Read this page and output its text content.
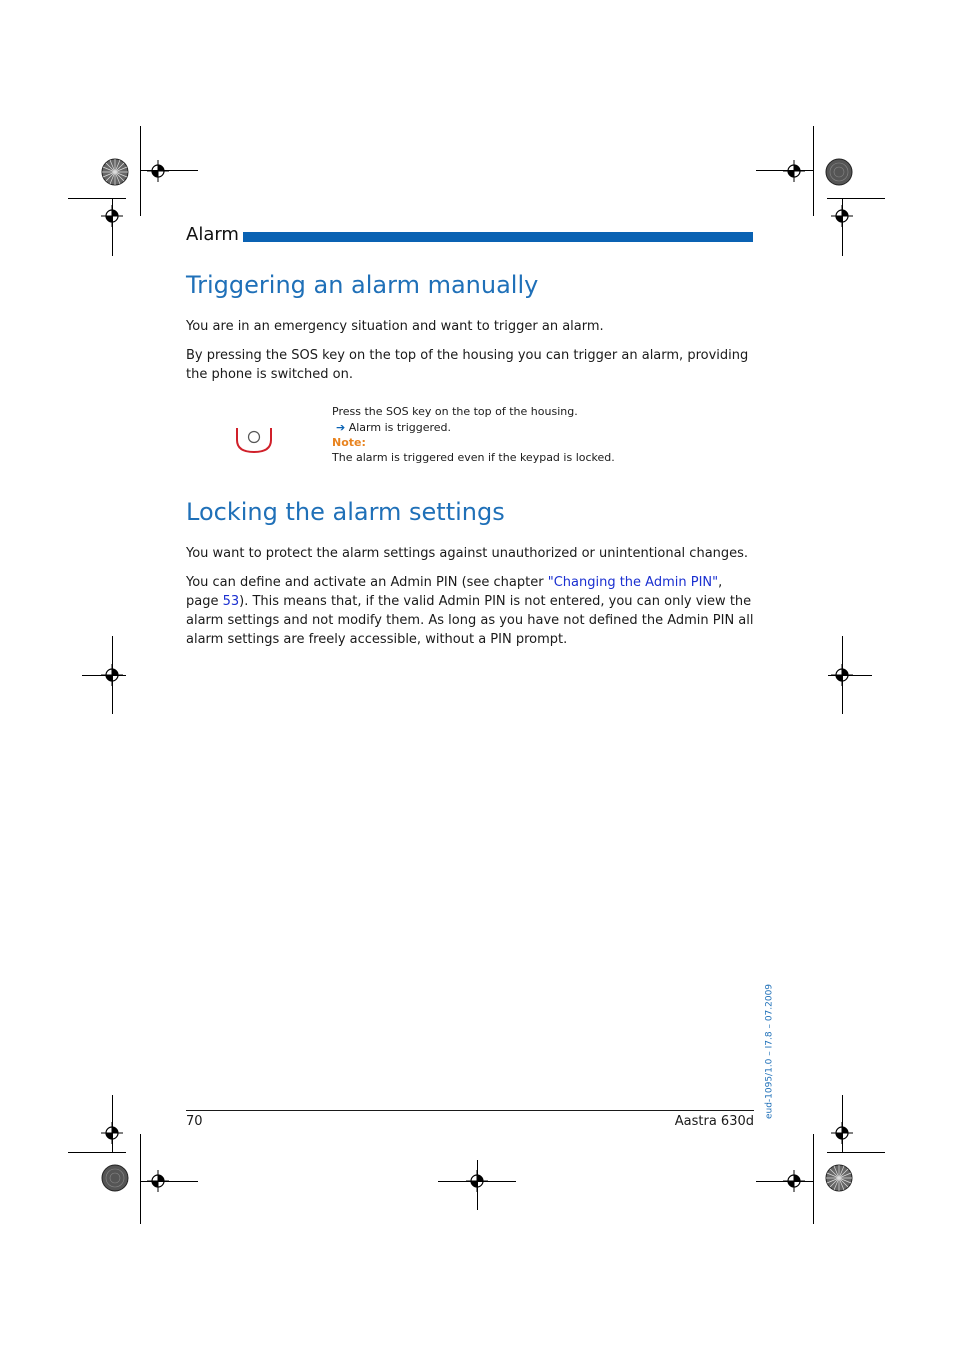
Alarm
Triggering an alarm manually

You are in an emergency situation and want to trigger an alarm.

By pressing the SOS key on the top of the housing you can trigger an alarm, providing the phone is switched on.

Press the SOS key on the top of the housing.
➔ Alarm is triggered.
Note:
The alarm is triggered even if the keypad is locked.
Locking the alarm settings

You want to protect the alarm settings against unauthorized or unintentional changes.

You can define and activate an Admin PIN (see chapter "Changing the Admin PIN", page 53). This means that, if the valid Admin PIN is not entered, you can only view the alarm settings and not modify them. As long as you have not defined the Admin PIN all alarm settings are freely accessible, without a PIN prompt.

eud-1095/1.0 – I7.8 – 07.2009
70	Aastra 630d
